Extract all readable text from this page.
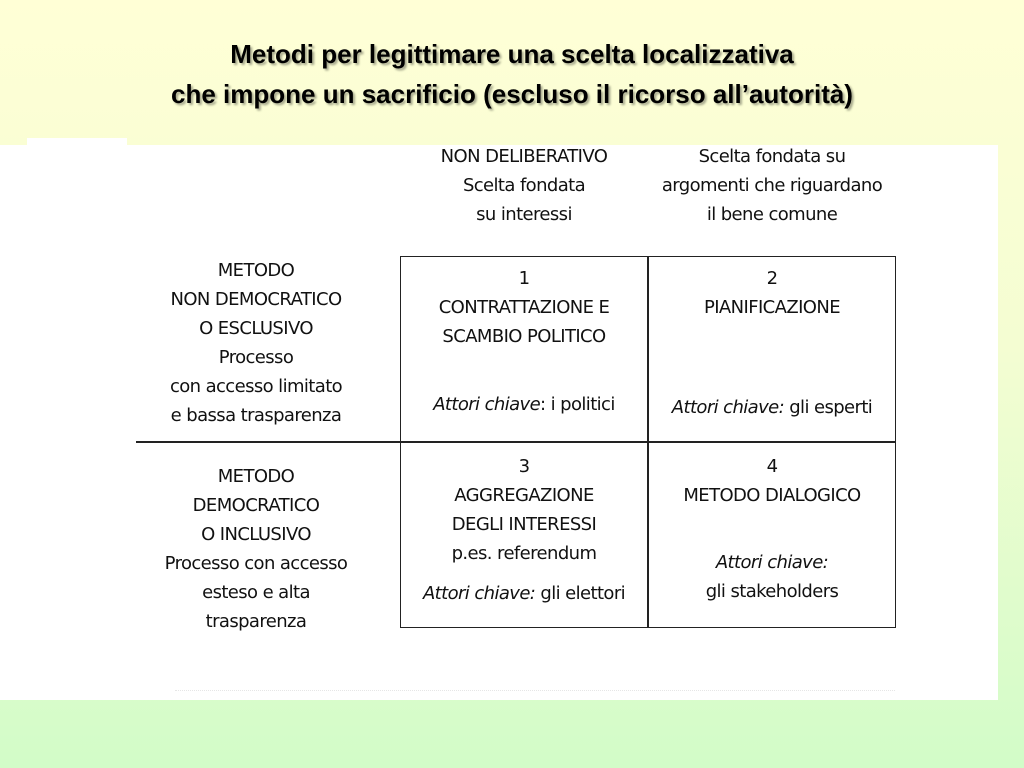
Metodi per legittimare una scelta localizzativa
che impone un sacrificio (escluso il ricorso all’autorità)
NON DELIBERATIVO
Scelta fondata
su interessi
Scelta fondata su
argomenti che riguardano
il bene comune
METODO
NON DEMOCRATICO
O ESCLUSIVO
Processo
con accesso limitato
e bassa trasparenza
METODO
DEMOCRATICO
O INCLUSIVO
Processo con accesso
esteso e alta
trasparenza
1
CONTRATTAZIONE E
SCAMBIO POLITICO
Attori chiave: i politici
2
PIANIFICAZIONE
Attori chiave: gli esperti
3
AGGREGAZIONE
DEGLI INTERESSI
p.es. referendum
Attori chiave: gli elettori
4
METODO DIALOGICO
Attori chiave:
gli stakeholders
